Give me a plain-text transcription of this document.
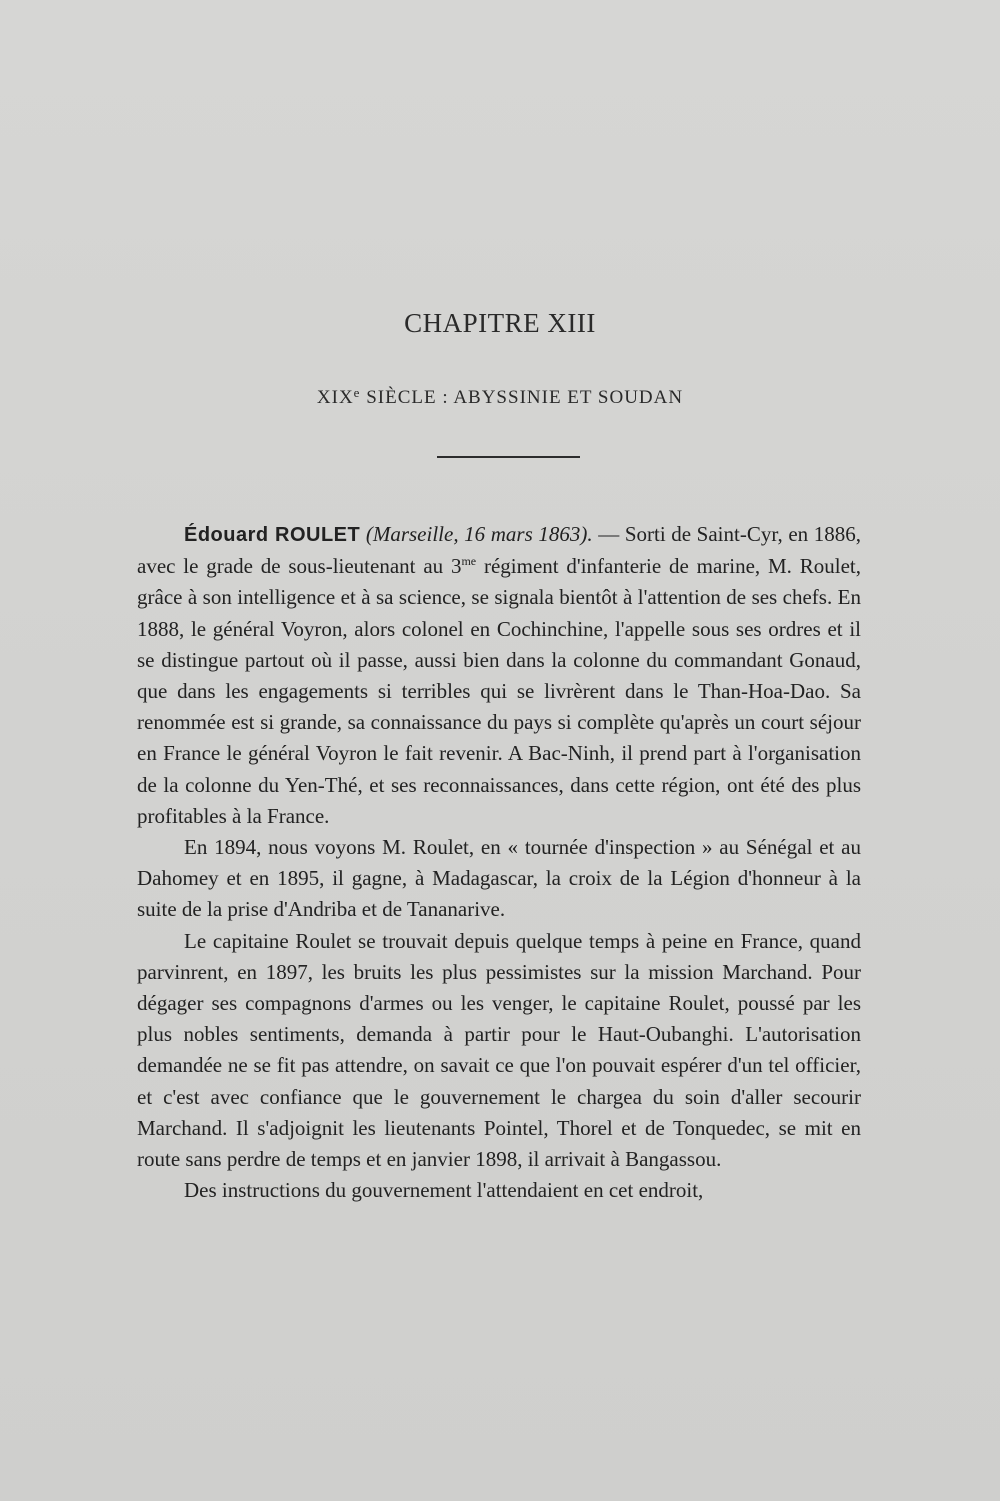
CHAPITRE XIII
XIXe SIÈCLE : ABYSSINIE ET SOUDAN

Édouard ROULET (Marseille, 16 mars 1863). — Sorti de Saint-Cyr, en 1886, avec le grade de sous-lieutenant au $3^{me}$ régiment d'infanterie de marine, M. Roulet, grâce à son intelligence et à sa science, se signala bientôt à l'attention de ses chefs. En 1888, le général Voyron, alors colonel en Cochinchine, l'appelle sous ses ordres et il se distingue partout où il passe, aussi bien dans la colonne du commandant Gonaud, que dans les engagements si terribles qui se livrèrent dans le Than-Hoa-Dao. Sa renommée est si grande, sa connaissance du pays si complète qu'après un court séjour en France le général Voyron le fait revenir. A Bac-Ninh, il prend part à l'organisation de la colonne du Yen-Thé, et ses reconnaissances, dans cette région, ont été des plus profitables à la France.

En 1894, nous voyons M. Roulet, en « tournée d'inspection » au Sénégal et au Dahomey et en 1895, il gagne, à Madagascar, la croix de la Légion d'honneur à la suite de la prise d'Andriba et de Tananarive.

Le capitaine Roulet se trouvait depuis quelque temps à peine en France, quand parvinrent, en 1897, les bruits les plus pessimistes sur la mission Marchand. Pour dégager ses compagnons d'armes ou les venger, le capitaine Roulet, poussé par les plus nobles sentiments, demanda à partir pour le Haut-Oubanghi. L'autorisation demandée ne se fit pas attendre, on savait ce que l'on pouvait espérer d'un tel officier, et c'est avec confiance que le gouvernement le chargea du soin d'aller secourir Marchand. Il s'adjoignit les lieutenants Pointel, Thorel et de Tonquedec, se mit en route sans perdre de temps et en janvier 1898, il arrivait à Bangassou.

Des instructions du gouvernement l'attendaient en cet endroit,
